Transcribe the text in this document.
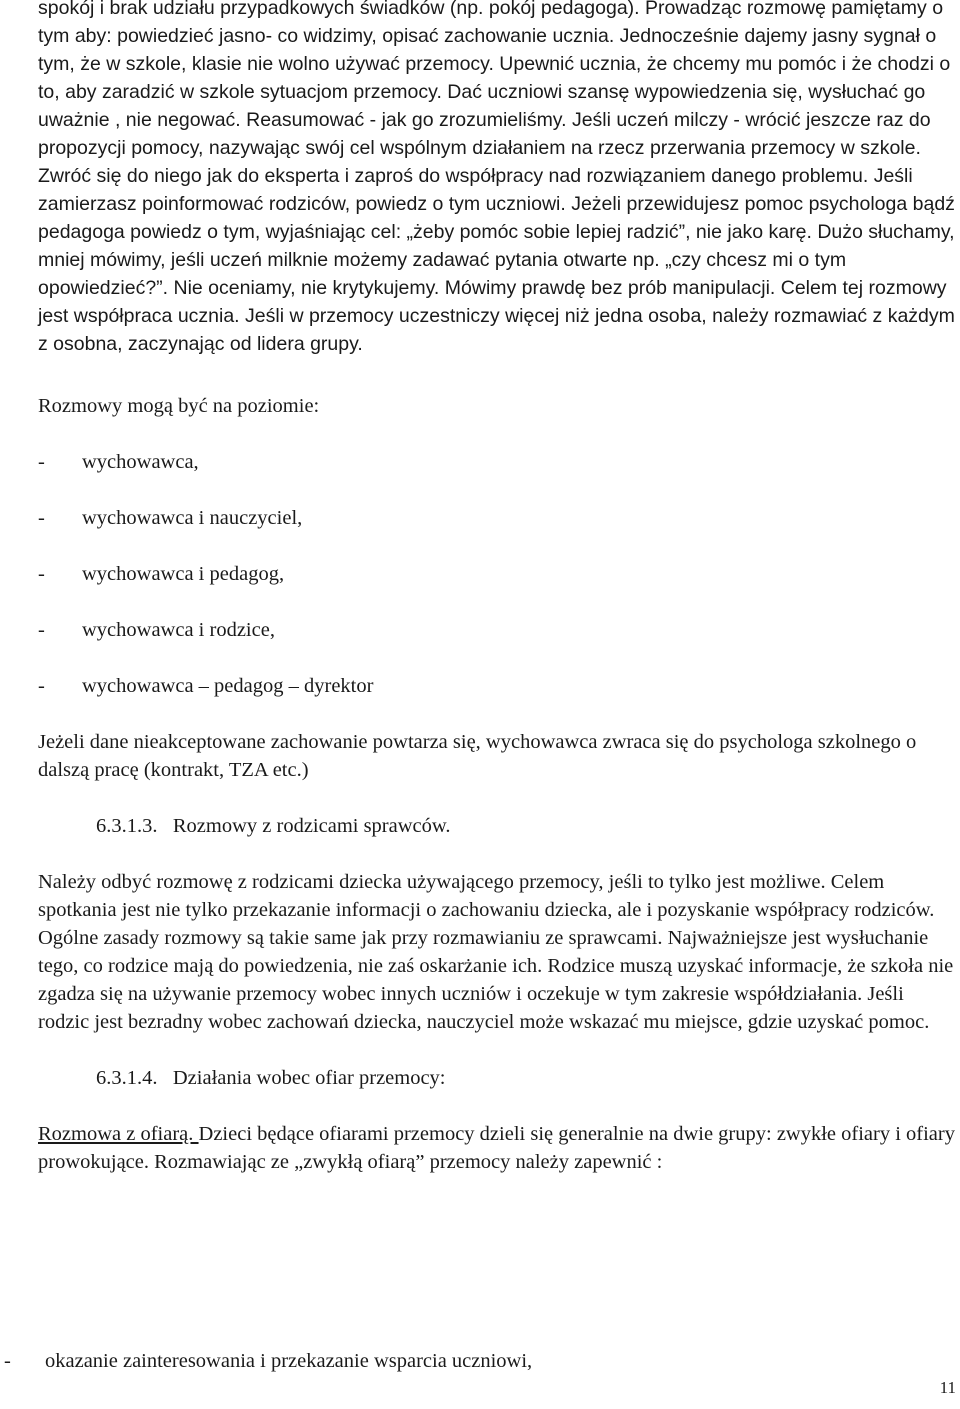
spokój i brak udziału przypadkowych świadków (np. pokój pedagoga). Prowadząc rozmowę pamiętamy o tym aby: powiedzieć jasno- co widzimy, opisać zachowanie ucznia. Jednocześnie dajemy jasny sygnał o tym, że w szkole, klasie nie wolno używać przemocy. Upewnić ucznia, że chcemy mu pomóc i że chodzi o to, aby zaradzić w szkole sytuacjom przemocy. Dać uczniowi szansę wypowiedzenia się, wysłuchać go uważnie , nie negować. Reasumować - jak go zrozumieliśmy. Jeśli uczeń milczy - wrócić jeszcze raz do propozycji pomocy, nazywając swój cel wspólnym działaniem na rzecz przerwania przemocy w szkole. Zwróć się do niego jak do eksperta i zaproś do współpracy nad rozwiązaniem danego problemu. Jeśli zamierzasz poinformować rodziców, powiedz o tym uczniowi. Jeżeli przewidujesz pomoc psychologa bądź pedagoga powiedz o tym, wyjaśniając cel: „żeby pomóc sobie lepiej radzić”, nie jako karę. Dużo słuchamy, mniej mówimy, jeśli uczeń milknie możemy zadawać pytania otwarte np. „czy chcesz mi o tym opowiedzieć?”. Nie oceniamy, nie krytykujemy. Mówimy prawdę bez prób manipulacji. Celem tej rozmowy jest współpraca ucznia. Jeśli w przemocy uczestniczy więcej niż jedna osoba, należy rozmawiać z każdym z osobna, zaczynając od lidera grupy.

Rozmowy mogą być na poziomie:

- wychowawca,

- wychowawca i nauczyciel,

- wychowawca i pedagog,

- wychowawca i rodzice,

- wychowawca – pedagog – dyrektor

Jeżeli dane nieakceptowane zachowanie powtarza się, wychowawca zwraca się do psychologa szkolnego o dalszą pracę (kontrakt, TZA etc.)

6.3.1.3. Rozmowy z rodzicami sprawców.

Należy odbyć rozmowę z rodzicami dziecka używającego przemocy, jeśli to tylko jest możliwe. Celem spotkania jest nie tylko przekazanie informacji o zachowaniu dziecka, ale i pozyskanie współpracy rodziców. Ogólne zasady rozmowy są takie same jak przy rozmawianiu ze sprawcami. Najważniejsze jest wysłuchanie tego, co rodzice mają do powiedzenia, nie zaś oskarżanie ich. Rodzice muszą uzyskać informacje, że szkoła nie zgadza się na używanie przemocy wobec innych uczniów i oczekuje w tym zakresie współdziałania. Jeśli rodzic jest bezradny wobec zachowań dziecka, nauczyciel może wskazać mu miejsce, gdzie uzyskać pomoc.

6.3.1.4. Działania wobec ofiar przemocy:

Rozmowa z ofiarą. Dzieci będące ofiarami przemocy dzieli się generalnie na dwie grupy: zwykłe ofiary i ofiary prowokujące. Rozmawiając ze „zwykłą ofiarą” przemocy należy zapewnić :

- okazanie zainteresowania i przekazanie wsparcia uczniowi,

11
